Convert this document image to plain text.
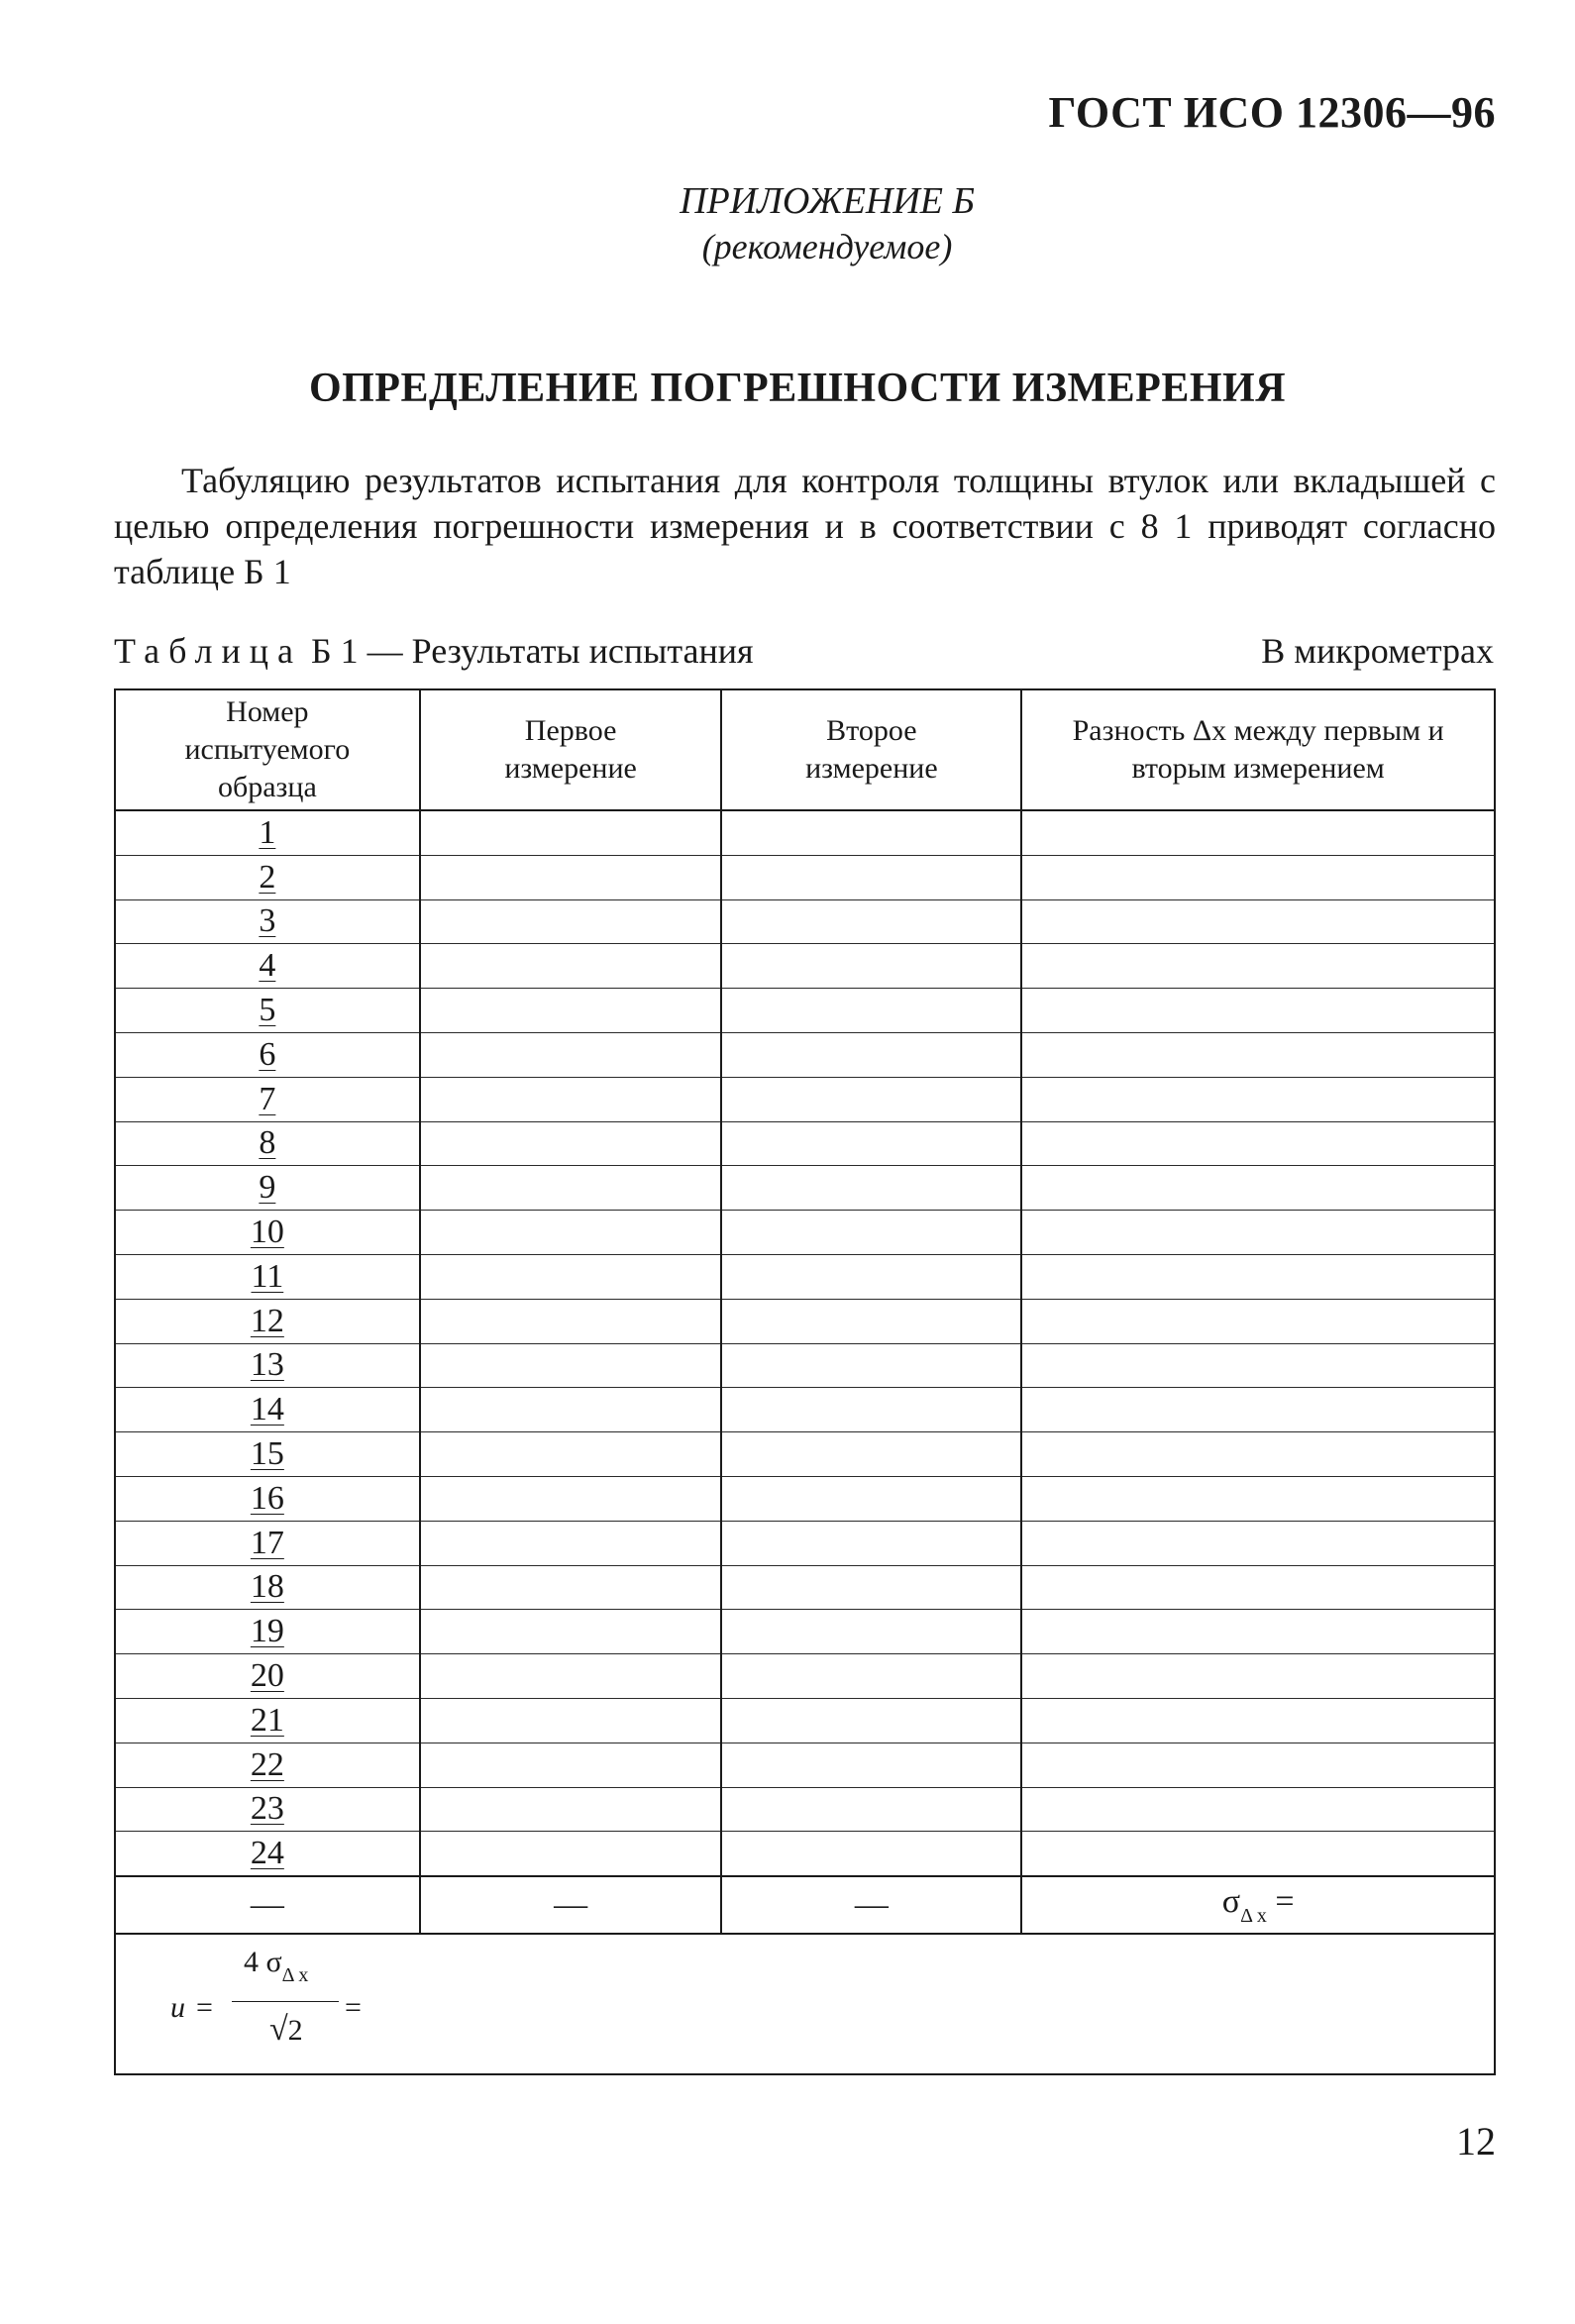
ГОСТ ИСО 12306—96
ПРИЛОЖЕНИЕ Б
(рекомендуемое)
ОПРЕДЕЛЕНИЕ ПОГРЕШНОСТИ ИЗМЕРЕНИЯ
Табуляцию результатов испытания для контроля толщины втулок или вкладышей с целью определения погрешности измерения и в соответствии с 8 1 приводят согласно таблице Б 1
Таблица Б 1 — Результаты испытания	В микрометрах
Номер испытуемого образца	Первое измерение	Второе измерение	Разность Δx между первым и вторым измерением
1			
2			
3			
4			
5			
6			
7			
8			
9			
10			
11			
12			
13			
14			
15			
16			
17			
18			
19			
20			
21			
22			
23			
24			
—	—	—	$\sigma_{\Delta x}$ =

u =
4 $\sigma_{\Delta x}$
√2
=			
12
